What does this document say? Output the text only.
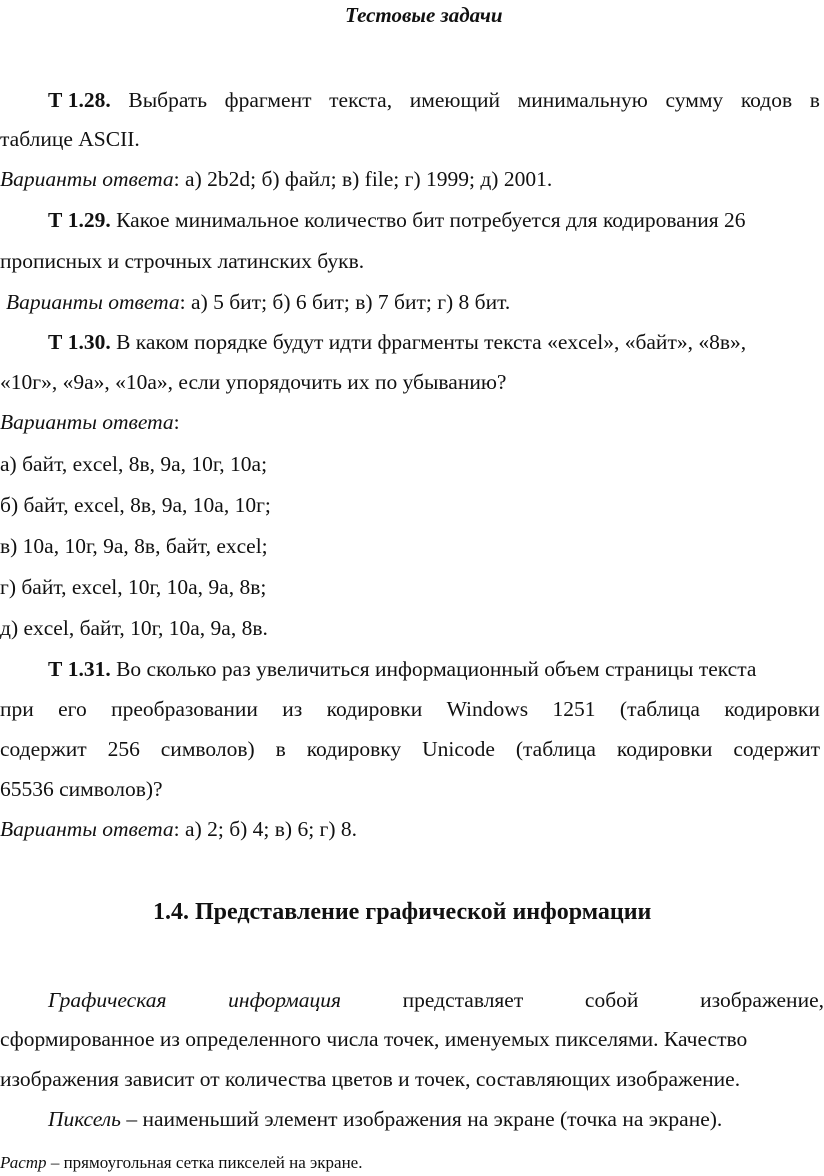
Тестовые задачи
Т 1.28. Выбрать фрагмент текста, имеющий минимальную сумму кодов в
таблице ASCII.
Варианты ответа: а) 2b2d; б) файл; в) file; г) 1999; д) 2001.
Т 1.29. Какое минимальное количество бит потребуется для кодирования 26
прописных и строчных латинских букв.
Варианты ответа: а) 5 бит; б) 6 бит; в) 7 бит; г) 8 бит.
Т 1.30. В каком порядке будут идти фрагменты текста «excel», «байт», «8в»,
«10г», «9а», «10а», если упорядочить их по убыванию?
Варианты ответа:
а) байт, excel, 8в, 9а, 10г, 10а;
б) байт, excel, 8в, 9а, 10а, 10г;
в) 10а, 10г, 9а, 8в, байт, excel;
г) байт, excel, 10г, 10а, 9а, 8в;
д) excel, байт, 10г, 10а, 9а, 8в.
Т 1.31. Во сколько раз увеличиться информационный объем страницы текста
при его преобразовании из кодировки Windows 1251 (таблица кодировки
содержит 256 символов) в кодировку Unicode (таблица кодировки содержит
65536 символов)?
Варианты ответа: а) 2; б) 4; в) 6; г) 8.
1.4. Представление графической информации
Графическая	информация	представляет	собой	изображение,
сформированное из определенного числа точек, именуемых пикселями. Качество
изображения зависит от количества цветов и точек, составляющих изображение.
Пиксель – наименьший элемент изображения на экране (точка на экране).
Растр – прямоугольная сетка пикселей на экране.
